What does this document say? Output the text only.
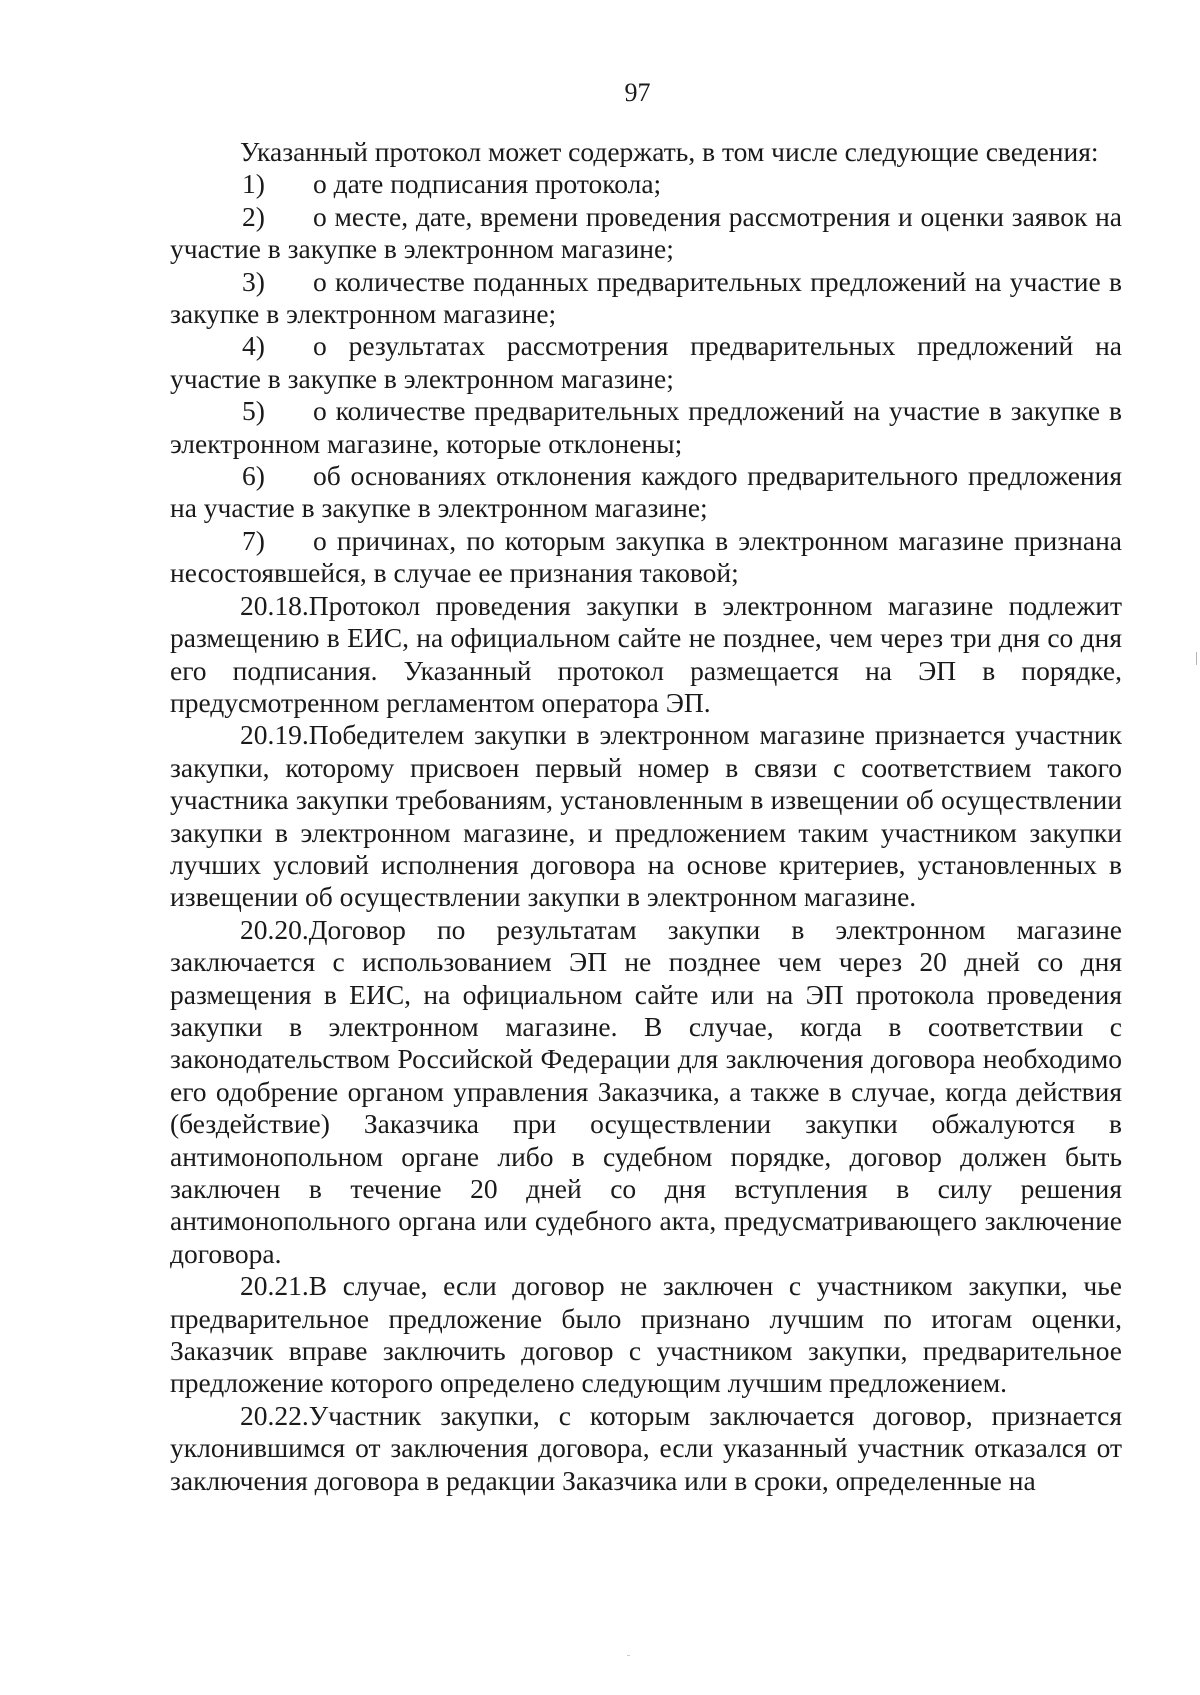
97

Указанный протокол может содержать, в том числе следующие сведения:

1) о дате подписания протокола;

2) о месте, дате, времени проведения рассмотрения и оценки заявок на участие в закупке в электронном магазине;

3) о количестве поданных предварительных предложений на участие в закупке в электронном магазине;

4) о результатах рассмотрения предварительных предложений на участие в закупке в электронном магазине;

5) о количестве предварительных предложений на участие в закупке в электронном магазине, которые отклонены;

6) об основаниях отклонения каждого предварительного предложения на участие в закупке в электронном магазине;

7) о причинах, по которым закупка в электронном магазине признана несостоявшейся, в случае ее признания таковой;

20.18.Протокол проведения закупки в электронном магазине подлежит размещению в ЕИС, на официальном сайте не позднее, чем через три дня со дня его подписания. Указанный протокол размещается на ЭП в порядке, предусмотренном регламентом оператора ЭП.

20.19.Победителем закупки в электронном магазине признается участник закупки, которому присвоен первый номер в связи с соответствием такого участника закупки требованиям, установленным в извещении об осуществлении закупки в электронном магазине, и предложением таким участником закупки лучших условий исполнения договора на основе критериев, установленных в извещении об осуществлении закупки в электронном магазине.

20.20.Договор по результатам закупки в электронном магазине заключается с использованием ЭП не позднее чем через 20 дней со дня размещения в ЕИС, на официальном сайте или на ЭП протокола проведения закупки в электронном магазине. В случае, когда в соответствии с законодательством Российской Федерации для заключения договора необходимо его одобрение органом управления Заказчика, а также в случае, когда действия (бездействие) Заказчика при осуществлении закупки обжалуются в антимонопольном органе либо в судебном порядке, договор должен быть заключен в течение 20 дней со дня вступления в силу решения антимонопольного органа или судебного акта, предусматривающего заключение договора.

20.21.В случае, если договор не заключен с участником закупки, чье предварительное предложение было признано лучшим по итогам оценки, Заказчик вправе заключить договор с участником закупки, предварительное предложение которого определено следующим лучшим предложением.

20.22.Участник закупки, с которым заключается договор, признается уклонившимся от заключения договора, если указанный участник отказался от заключения договора в редакции Заказчика или в сроки, определенные на
